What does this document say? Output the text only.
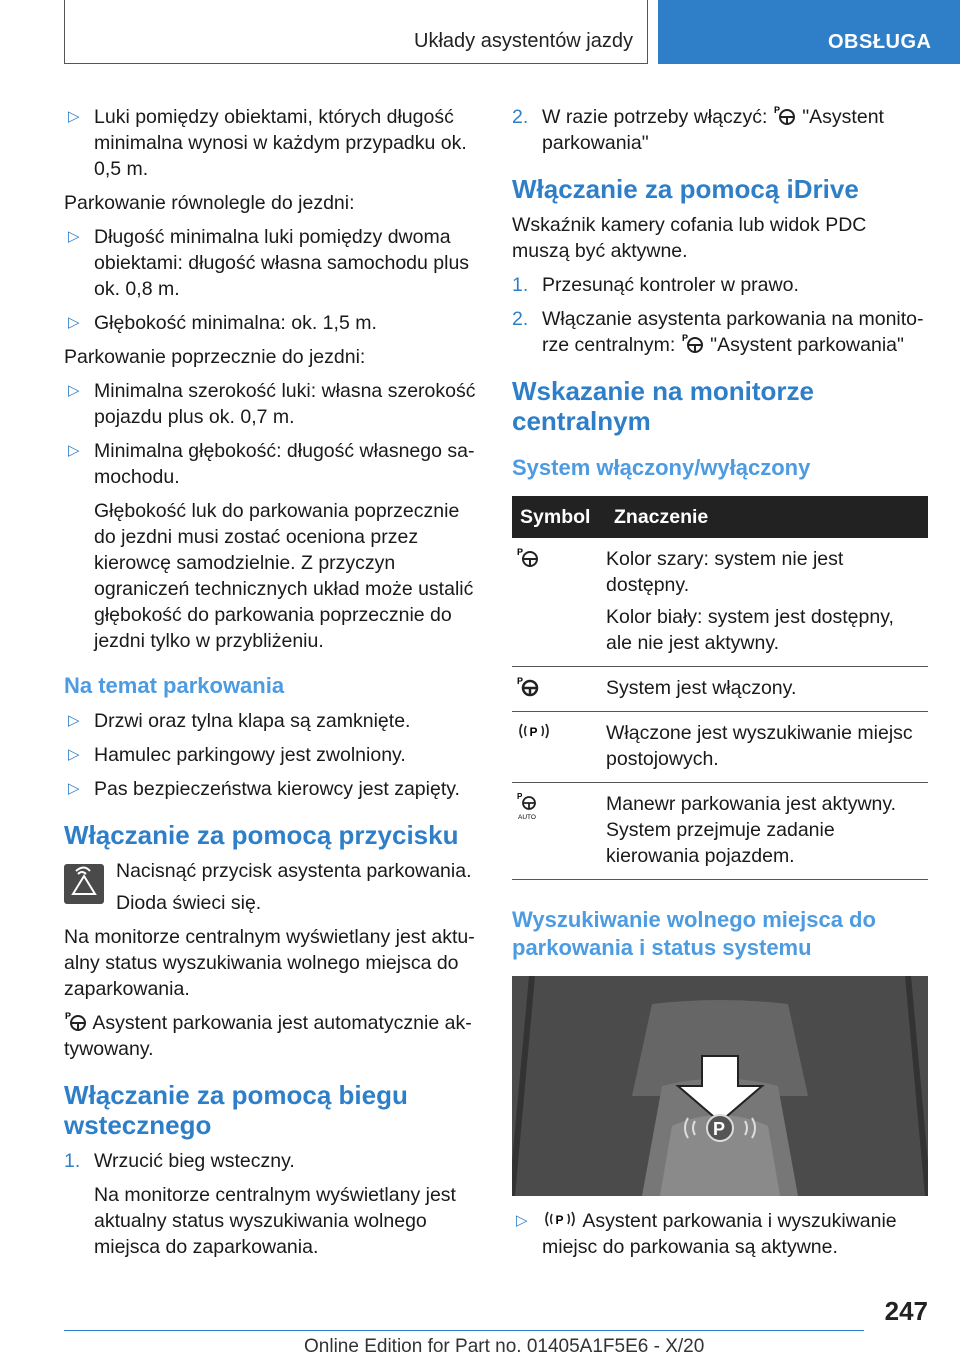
Układy asystentów jazdy	OBSŁUGA

▷ Luki pomiędzy obiektami, których długość minimalna wynosi w każdym przypadku ok. 0,5 m.

Parkowanie równolegle do jezdni:

▷ Długość minimalna luki pomiędzy dwoma obiektami: długość własna samochodu plus ok. 0,8 m.

▷ Głębokość minimalna: ok. 1,5 m.

Parkowanie poprzecznie do jezdni:

▷ Minimalna szerokość luki: własna szerokość pojazdu plus ok. 0,7 m.

▷ Minimalna głębokość: długość własnego samochodu.

Głębokość luk do parkowania poprzecznie do jezdni musi zostać oceniona przez kierowcę samodzielnie. Z przyczyn ograniczeń technicznych układ może ustalić głębokość do parkowania poprzecznie do jezdni tylko w przybliżeniu.

Na temat parkowania

▷ Drzwi oraz tylna klapa są zamknięte.

▷ Hamulec parkingowy jest zwolniony.

▷ Pas bezpieczeństwa kierowcy jest zapięty.

Włączanie za pomocą przycisku

Nacisnąć przycisk asystenta parkowania.

Dioda świeci się.

Na monitorze centralnym wyświetlany jest aktualny status wyszukiwania wolnego miejsca do zaparkowania.

P Asystent parkowania jest automatycznie aktywowany.

Włączanie za pomocą biegu wstecznego

1. Wrzucić bieg wsteczny.

Na monitorze centralnym wyświetlany jest aktualny status wyszukiwania wolnego miejsca do zaparkowania.

2. W razie potrzeby włączyć: P "Asystent parkowania"

Włączanie za pomocą iDrive

Wskaźnik kamery cofania lub widok PDC muszą być aktywne.

1. Przesunąć kontroler w prawo.

2. Włączanie asystenta parkowania na monitorze centralnym: P "Asystent parkowania"

Wskazanie na monitorze centralnym
System włączony/wyłączony
Symbol	Znaczenie

P	Kolor szary: system nie jest dostępny.
Kolor biały: system jest dostępny, ale nie jest aktywny.

P	System jest włączony.

P	Włączone jest wyszukiwanie miejsc postojowych.

P
AUTO	Manewr parkowania jest aktywny. System przejmuje zadanie kierowania pojazdem.
Wyszukiwanie wolnego miejsca do parkowania i status systemu
P

▷ P Asystent parkowania i wyszukiwanie miejsc do parkowania są aktywne.

247
Online Edition for Part no. 01405A1F5E6 - X/20
